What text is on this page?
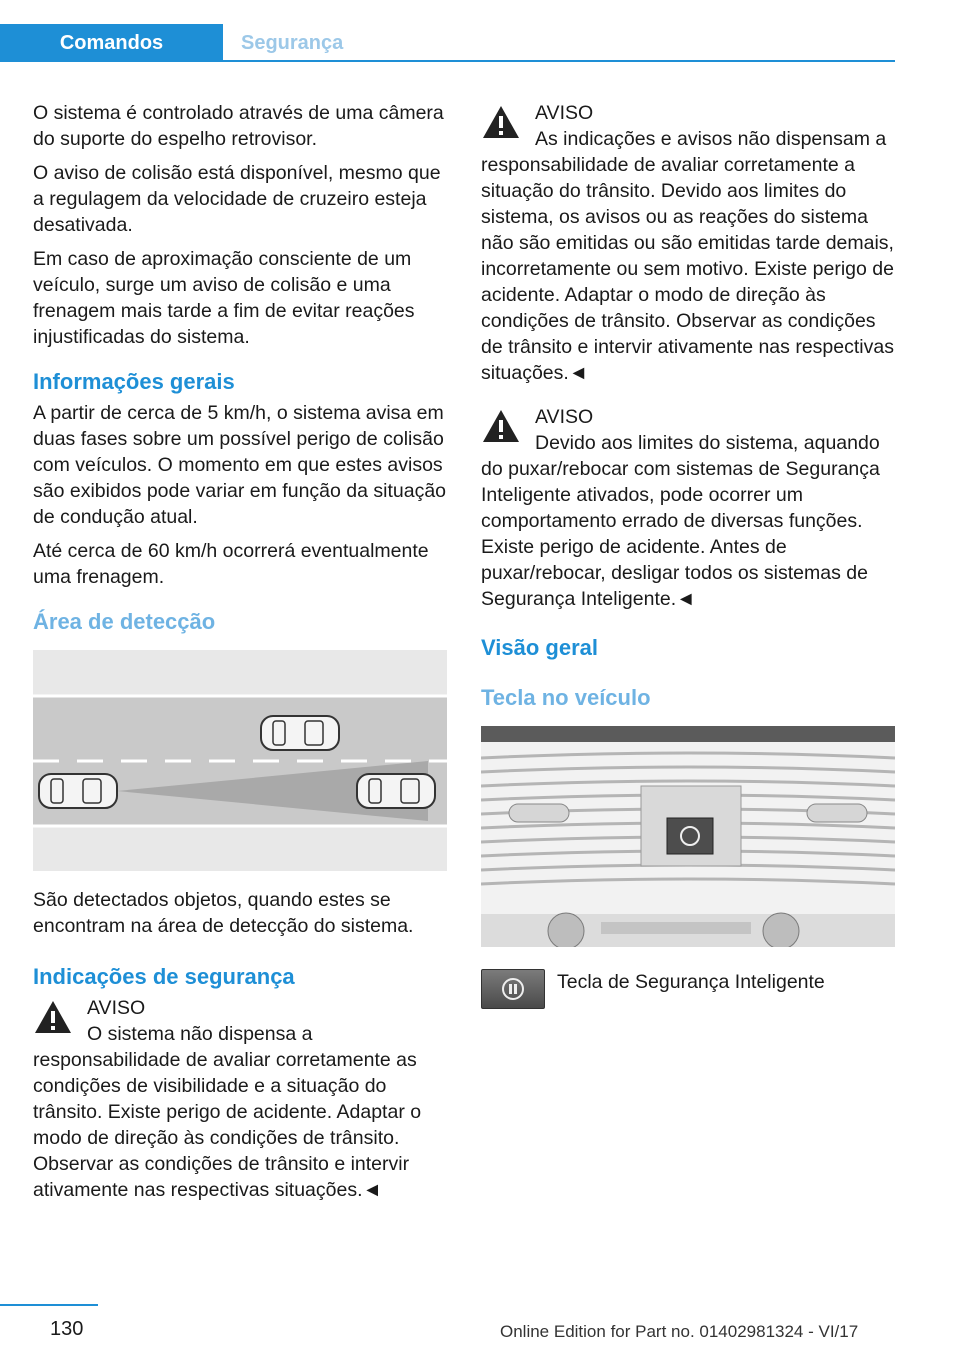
Comandos	Segurança

O sistema é controlado através de uma câmera do suporte do espelho retrovisor.

O aviso de colisão está disponível, mesmo que a regulagem da velocidade de cruzeiro esteja desativada.

Em caso de aproximação consciente de um veículo, surge um aviso de colisão e uma frenagem mais tarde a fim de evitar reações injustificadas do sistema.

Informações gerais

A partir de cerca de 5 km/h, o sistema avisa em duas fases sobre um possível perigo de colisão com veículos. O momento em que estes avisos são exibidos pode variar em função da situação de condução atual.

Até cerca de 60 km/h ocorrerá eventualmente uma frenagem.

Área de detecção

São detectados objetos, quando estes se encontram na área de detecção do sistema.

Indicações de segurança
AVISO
O sistema não dispensa a responsabilidade de avaliar corretamente as condições de visibilidade e a situação do trânsito. Existe perigo de acidente. Adaptar o modo de direção às condições de trânsito. Observar as condições de trânsito e intervir ativamente nas respectivas situações.◄
AVISO
As indicações e avisos não dispensam a responsabilidade de avaliar corretamente a situação do trânsito. Devido aos limites do sistema, os avisos ou as reações do sistema não são emitidas ou são emitidas tarde demais, incorretamente ou sem motivo. Existe perigo de acidente. Adaptar o modo de direção às condições de trânsito. Observar as condições de trânsito e intervir ativamente nas respectivas situações.◄
AVISO
Devido aos limites do sistema, aquando do puxar/rebocar com sistemas de Segurança Inteligente ativados, pode ocorrer um comportamento errado de diversas funções. Existe perigo de acidente. Antes de puxar/rebocar, desligar todos os sistemas de Segurança Inteligente.◄
Visão geral
Tecla no veículo
Tecla de Segurança Inteligente
130	Online Edition for Part no. 01402981324 - VI/17
